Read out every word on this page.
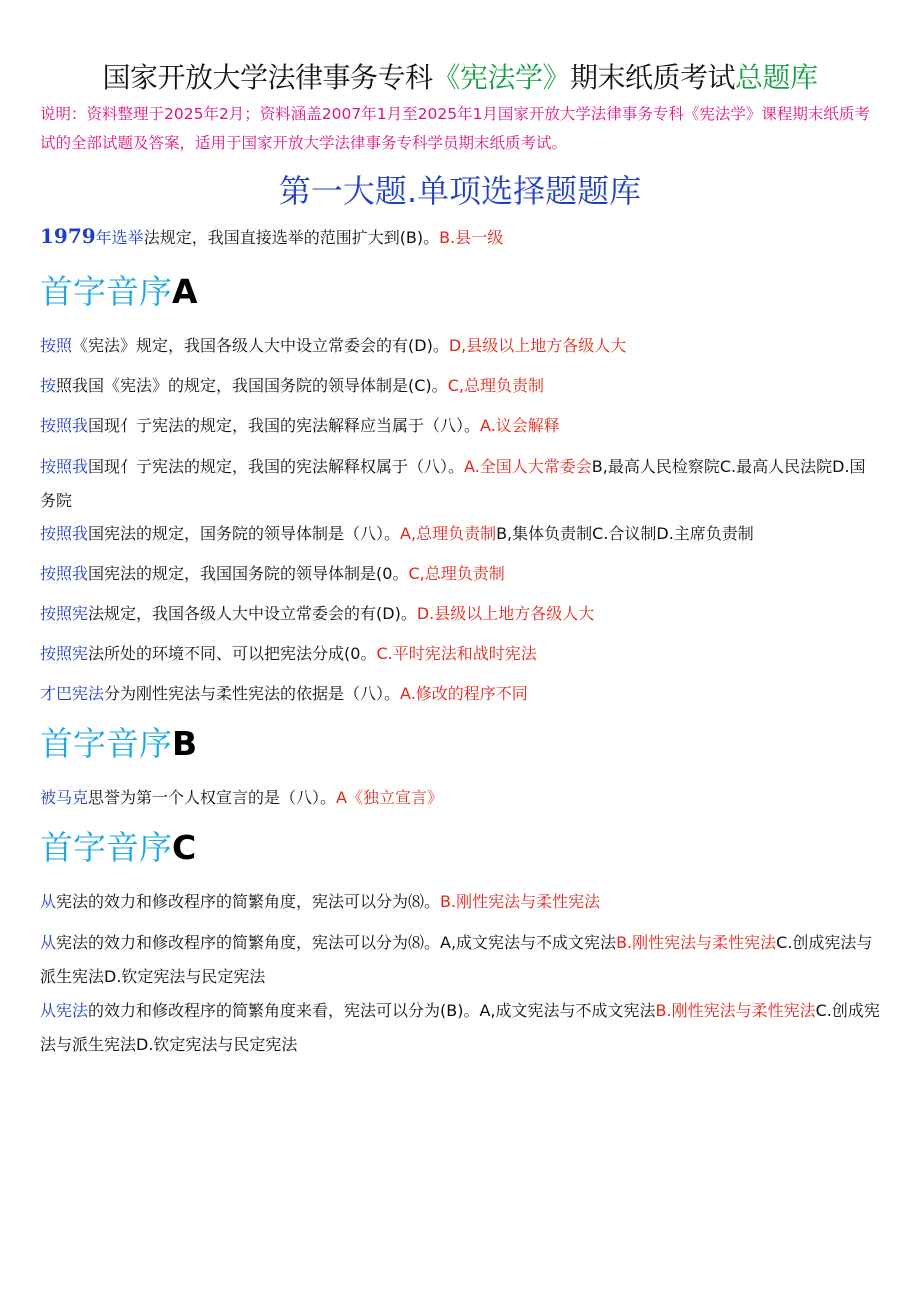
国家开放大学法律事务专科《宪法学》期末纸质考试总题库
说明：资料整理于2025年2月；资料涵盖2007年1月至2025年1月国家开放大学法律事务专科《宪法学》课程期末纸质考试的全部试题及答案，适用于国家开放大学法律事务专科学员期末纸质考试。
第一大题.单项选择题题库
1979年选举法规定，我国直接选举的范围扩大到(B)。B.县一级
首字音序A
按照《宪法》规定，我国各级人大中设立常委会的有(D)。D,县级以上地方各级人大
按照我国《宪法》的规定，我国国务院的领导体制是(C)。C,总理负责制
按照我国现亻亍宪法的规定，我国的宪法解释应当属于（八）。A.议会解释
按照我国现亻亍宪法的规定，我国的宪法解释权属于（八）。A.全国人大常委会B,最高人民检察院C.最高人民法院D.国务院
按照我国宪法的规定，国务院的领导体制是（八）。A,总理负责制B,集体负责制C.合议制D.主席负责制
按照我国宪法的规定，我国国务院的领导体制是(0。C,总理负责制
按照宪法规定，我国各级人大中设立常委会的有(D)。D.县级以上地方各级人大
按照宪法所处的环境不同、可以把宪法分成(0。C.平时宪法和战时宪法
才巴宪法分为刚性宪法与柔性宪法的依据是（八）。A.修改的程序不同
首字音序B
被马克思誉为第一个人权宣言的是（八）。A《独立宣言》
首字音序C
从宪法的效力和修改程序的简繁角度，宪法可以分为⑻。B.刚性宪法与柔性宪法
从宪法的效力和修改程序的简繁角度，宪法可以分为⑻。A,成文宪法与不成文宪法B.刚性宪法与柔性宪法C.创成宪法与派生宪法D.钦定宪法与民定宪法
从宪法的效力和修改程序的简繁角度来看，宪法可以分为(B)。A,成文宪法与不成文宪法B.刚性宪法与柔性宪法C.创成宪法与派生宪法D.钦定宪法与民定宪法
